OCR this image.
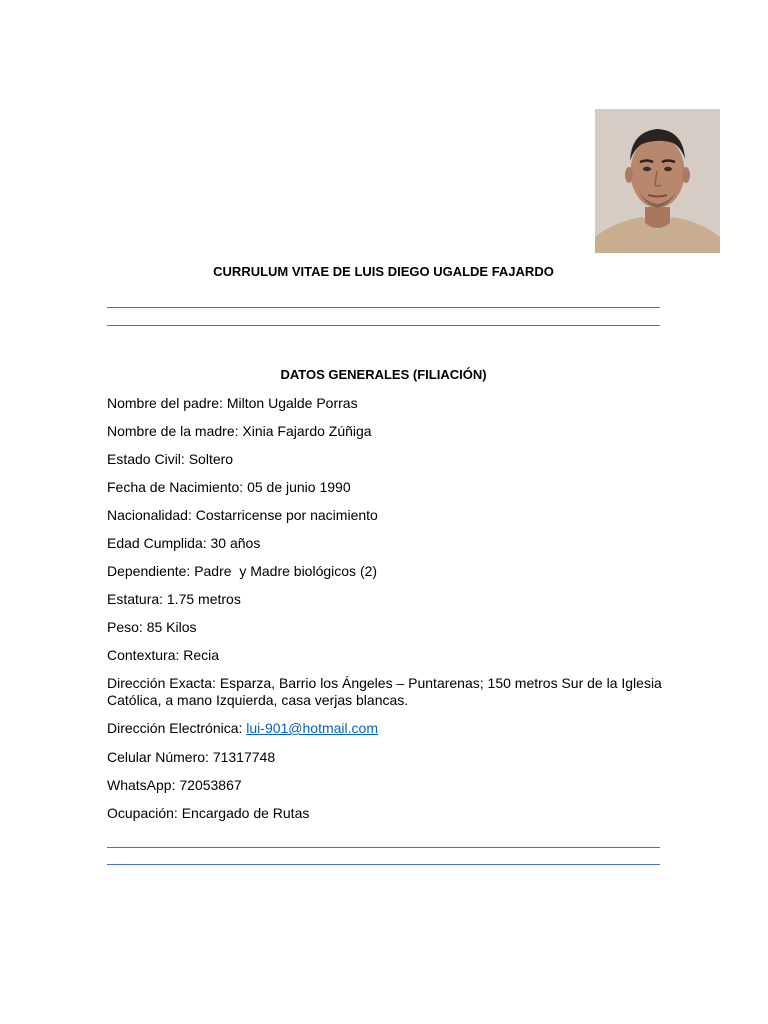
CURRULUM VITAE DE LUIS DIEGO UGALDE FAJARDO
DATOS GENERALES (FILIACIÓN)
Nombre del padre: Milton Ugalde Porras
Nombre de la madre: Xinia Fajardo Zúñiga
Estado Civil: Soltero
Fecha de Nacimiento: 05 de junio 1990
Nacionalidad: Costarricense por nacimiento
Edad Cumplida: 30 años
Dependiente: Padre  y Madre biológicos (2)
Estatura: 1.75 metros
Peso: 85 Kilos
Contextura: Recia
Dirección Exacta: Esparza, Barrio los Ángeles – Puntarenas; 150 metros Sur de la Iglesia Católica, a mano Izquierda, casa verjas blancas.
Dirección Electrónica: lui-901@hotmail.com
Celular Número: 71317748
WhatsApp: 72053867
Ocupación: Encargado de Rutas
